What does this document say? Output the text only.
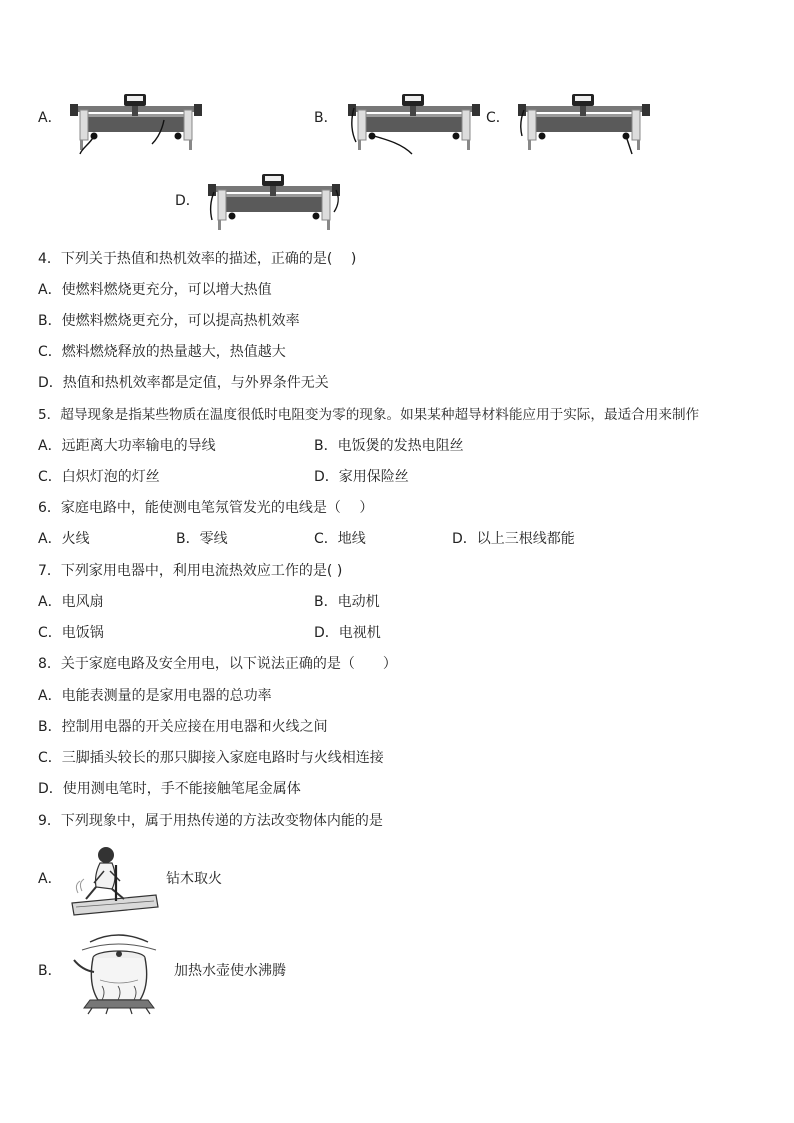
A．	B．	C．
D．
4．下列关于热值和热机效率的描述，正确的是(　 )
A．使燃料燃烧更充分，可以增大热值
B．使燃料燃烧更充分，可以提高热机效率
C．燃料燃烧释放的热量越大，热值越大
D．热值和热机效率都是定值，与外界条件无关
5．超导现象是指某些物质在温度很低时电阻变为零的现象。如果某种超导材料能应用于实际，最适合用来制作
A．远距离大功率输电的导线	B．电饭煲的发热电阻丝
C．白炽灯泡的灯丝	D．家用保险丝
6．家庭电路中，能使测电笔氖管发光的电线是（　 ）
A．火线	B．零线	C．地线	D．以上三根线都能
7．下列家用电器中，利用电流热效应工作的是( )
A．电风扇	B．电动机
C．电饭锅	D．电视机
8．关于家庭电路及安全用电，以下说法正确的是（　　）
A．电能表测量的是家用电器的总功率
B．控制用电器的开关应接在用电器和火线之间
C．三脚插头较长的那只脚接入家庭电路时与火线相连接
D．使用测电笔时，手不能接触笔尾金属体
9．下列现象中，属于用热传递的方法改变物体内能的是
A．	钻木取火
B．	加热水壶使水沸腾
